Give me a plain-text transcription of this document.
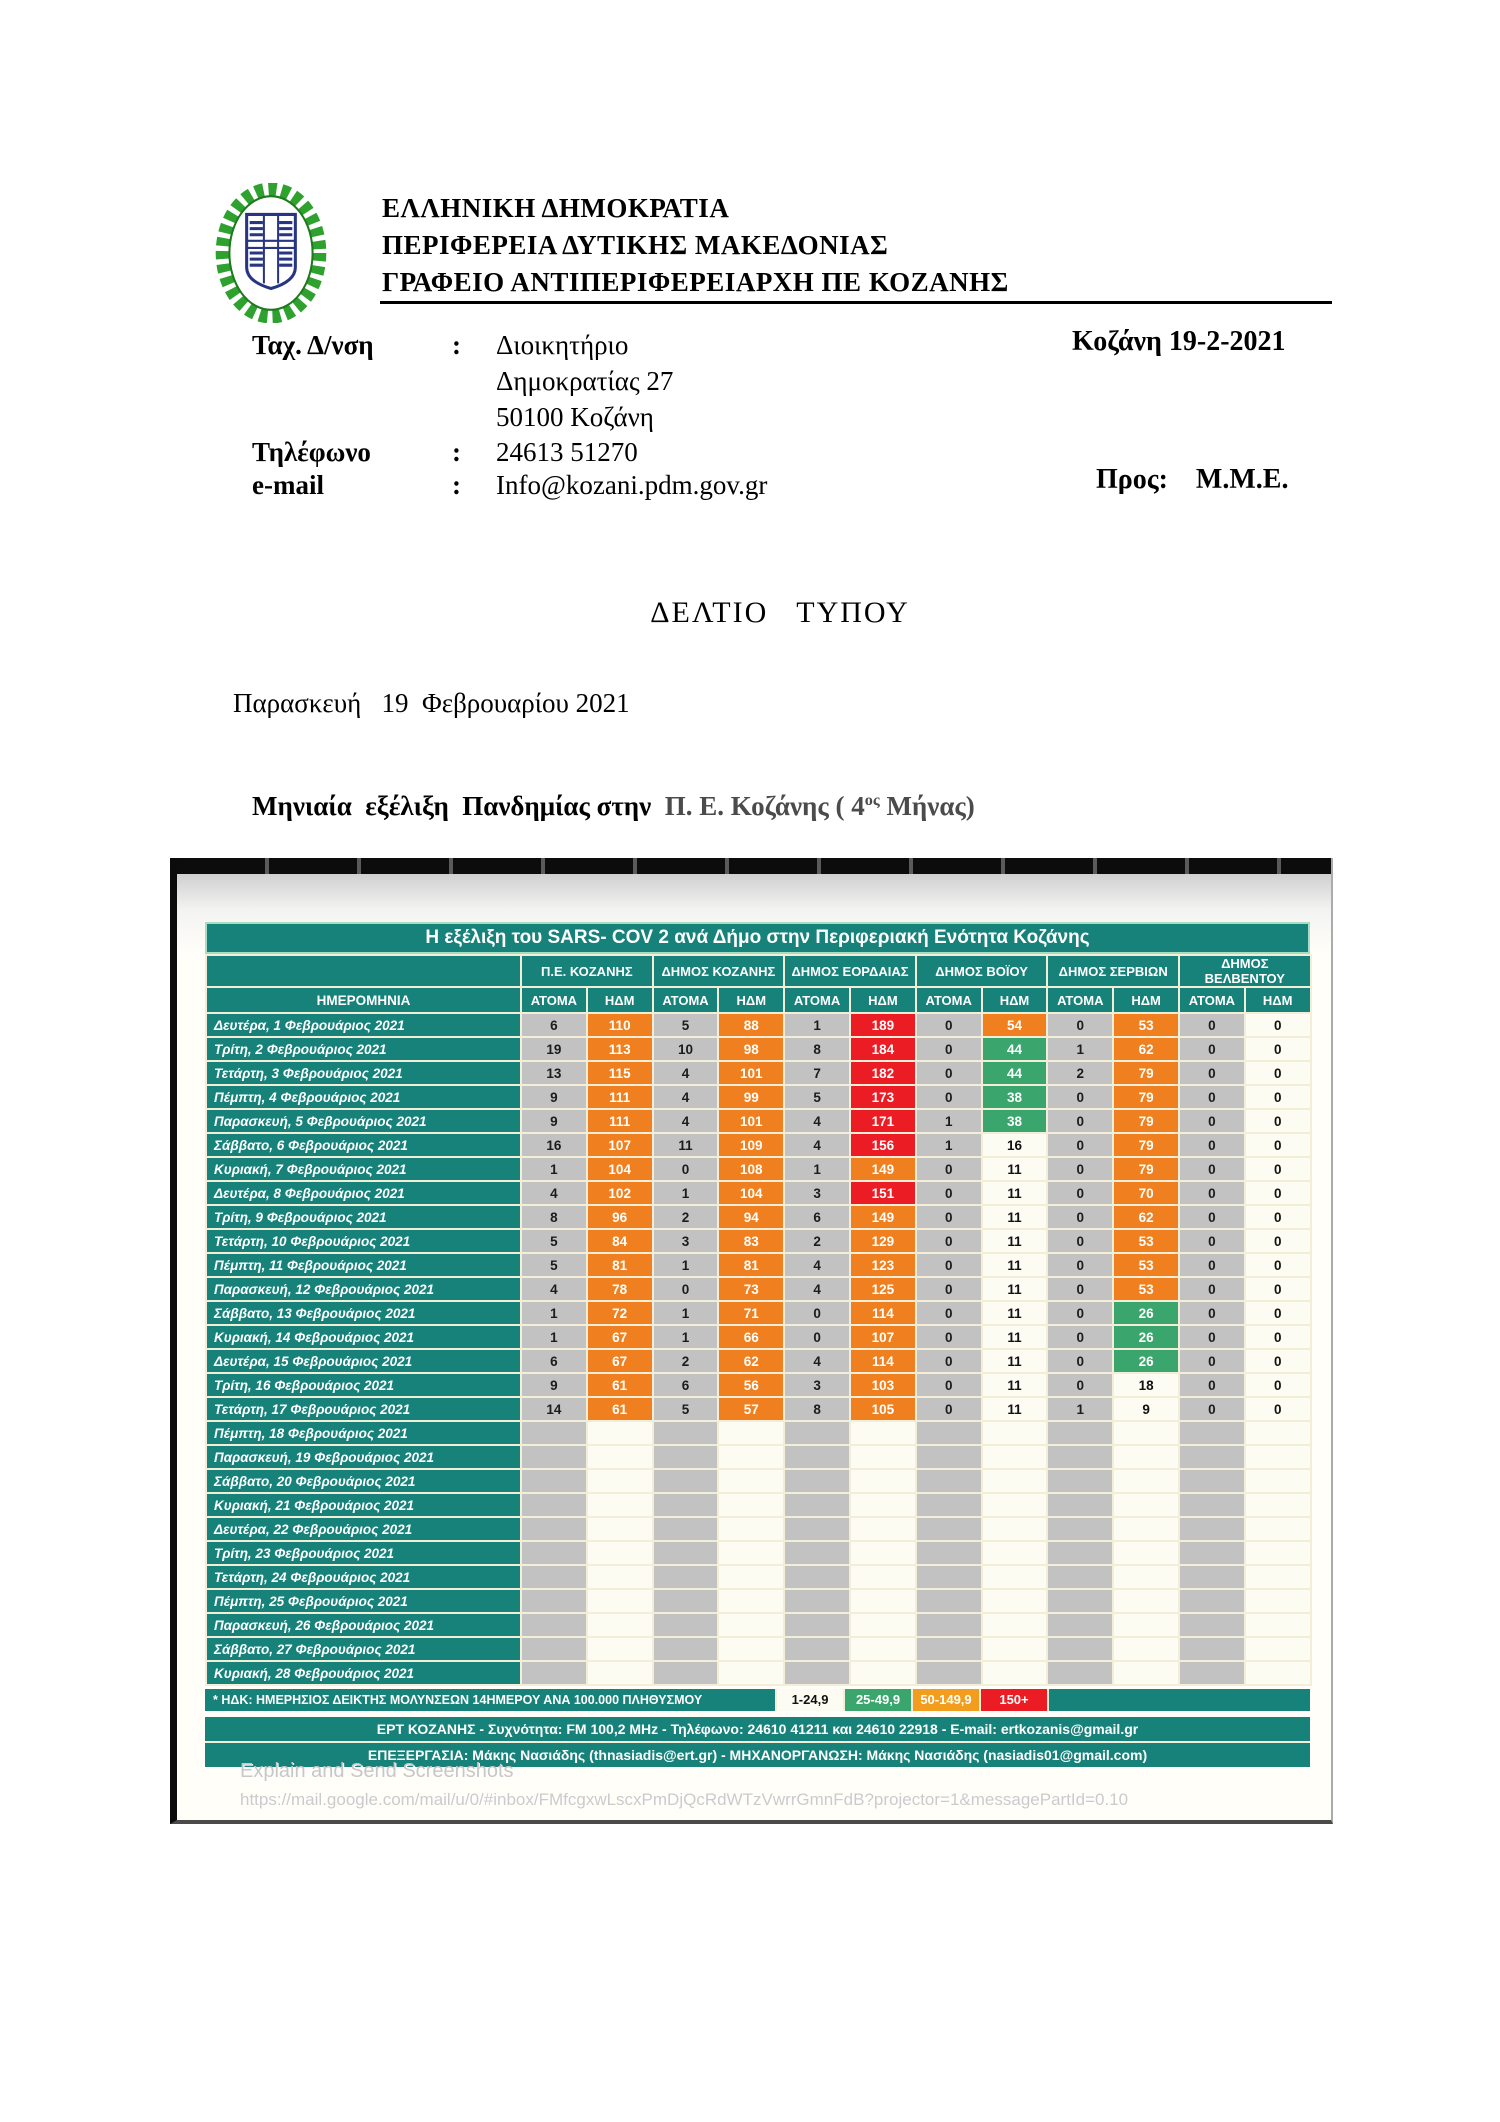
ΕΛΛΗΝΙΚΗ ΔΗΜΟΚΡΑΤΙΑ
ΠΕΡΙΦΕΡΕΙΑ ΔΥΤΙΚΗΣ ΜΑΚΕΔΟΝΙΑΣ
ΓΡΑΦΕΙΟ ΑΝΤΙΠΕΡΙΦΕΡΕΙΑΡΧΗ ΠΕ ΚΟΖΑΝΗΣ
Ταχ. Δ/νση	: Διοικητήριο
Δημοκρατίας 27
50100 Κοζάνη
Τηλέφωνο	: 24613 51270
e-mail	: Info@kozani.pdm.gov.gr
Κοζάνη 19-2-2021
Προς: Μ.Μ.Ε.
ΔΕΛΤΙΟ   ΤΥΠΟΥ
Παρασκευή   19  Φεβρουαρίου 2021

Μηνιαία  εξέλιξη  Πανδημίας στην  Π. Ε. Κοζάνης ( $4^{o\varsigma}$ Μήνας)

Η εξέλιξη του SARS- COV 2 ανά Δήμο στην Περιφεριακή Ενότητα Κοζάνης
	Π.Ε. ΚΟΖΑΝΗΣ		ΔΗΜΟΣ ΚΟΖΑΝΗΣ		ΔΗΜΟΣ ΕΟΡΔΑΙΑΣ		ΔΗΜΟΣ ΒΟΪΟΥ		ΔΗΜΟΣ ΣΕΡΒΙΩΝ		ΔΗΜΟΣ ΒΕΛΒΕΝΤΟΥ	
ΗΜΕΡΟΜΗΝΙΑ	ΑΤΟΜΑ	ΗΔΜ	ΑΤΟΜΑ	ΗΔΜ	ΑΤΟΜΑ	ΗΔΜ	ΑΤΟΜΑ	ΗΔΜ	ΑΤΟΜΑ	ΗΔΜ	ΑΤΟΜΑ	ΗΔΜ
Δευτέρα, 1 Φεβρουάριος 2021	6	110	5	88	1	189	0	54	0	53	0	0
Τρίτη, 2 Φεβρουάριος 2021	19	113	10	98	8	184	0	44	1	62	0	0
Τετάρτη, 3 Φεβρουάριος 2021	13	115	4	101	7	182	0	44	2	79	0	0
Πέμπτη, 4 Φεβρουάριος 2021	9	111	4	99	5	173	0	38	0	79	0	0
Παρασκευή, 5 Φεβρουάριος 2021	9	111	4	101	4	171	1	38	0	79	0	0
Σάββατο, 6 Φεβρουάριος 2021	16	107	11	109	4	156	1	16	0	79	0	0
Κυριακή, 7 Φεβρουάριος 2021	1	104	0	108	1	149	0	11	0	79	0	0
Δευτέρα, 8 Φεβρουάριος 2021	4	102	1	104	3	151	0	11	0	70	0	0
Τρίτη, 9 Φεβρουάριος 2021	8	96	2	94	6	149	0	11	0	62	0	0
Τετάρτη, 10 Φεβρουάριος 2021	5	84	3	83	2	129	0	11	0	53	0	0
Πέμπτη, 11 Φεβρουάριος 2021	5	81	1	81	4	123	0	11	0	53	0	0
Παρασκευή, 12 Φεβρουάριος 2021	4	78	0	73	4	125	0	11	0	53	0	0
Σάββατο, 13 Φεβρουάριος 2021	1	72	1	71	0	114	0	11	0	26	0	0
Κυριακή, 14 Φεβρουάριος 2021	1	67	1	66	0	107	0	11	0	26	0	0
Δευτέρα, 15 Φεβρουάριος 2021	6	67	2	62	4	114	0	11	0	26	0	0
Τρίτη, 16 Φεβρουάριος 2021	9	61	6	56	3	103	0	11	0	18	0	0
Τετάρτη, 17 Φεβρουάριος 2021	14	61	5	57	8	105	0	11	1	9	0	0
Πέμπτη, 18 Φεβρουάριος 2021												
Παρασκευή, 19 Φεβρουάριος 2021												
Σάββατο, 20 Φεβρουάριος 2021												
Κυριακή, 21 Φεβρουάριος 2021												
Δευτέρα, 22 Φεβρουάριος 2021												
Τρίτη, 23 Φεβρουάριος 2021												
Τετάρτη, 24 Φεβρουάριος 2021												
Πέμπτη, 25 Φεβρουάριος 2021												
Παρασκευή, 26 Φεβρουάριος 2021												
Σάββατο, 27 Φεβρουάριος 2021												
Κυριακή, 28 Φεβρουάριος 2021												
* ΗΔΚ: ΗΜΕΡΗΣΙΟΣ ΔΕΙΚΤΗΣ ΜΟΛΥΝΣΕΩΝ 14ΗΜΕΡΟΥ ΑΝΑ 100.000 ΠΛΗΘΥΣΜΟΥ	1-24,9	25-49,9	50-149,9	150+
ΕΡΤ ΚΟΖΑΝΗΣ - Συχνότητα: FM 100,2 MHz - Τηλέφωνο: 24610 41211 και 24610 22918 - E-mail: ertkozanis@gmail.gr
ΕΠΕΞΕΡΓΑΣΙΑ: Μάκης Νασιάδης (thnasiadis@ert.gr) - ΜΗΧΑΝΟΡΓΑΝΩΣΗ: Μάκης Νασιάδης (nasiadis01@gmail.com)
Explain and Send Screenshots
https://mail.google.com/mail/u/0/#inbox/FMfcgxwLscxPmDjQcRdWTzVwrrGmnFdB?projector=1&messagePartId=0.10
